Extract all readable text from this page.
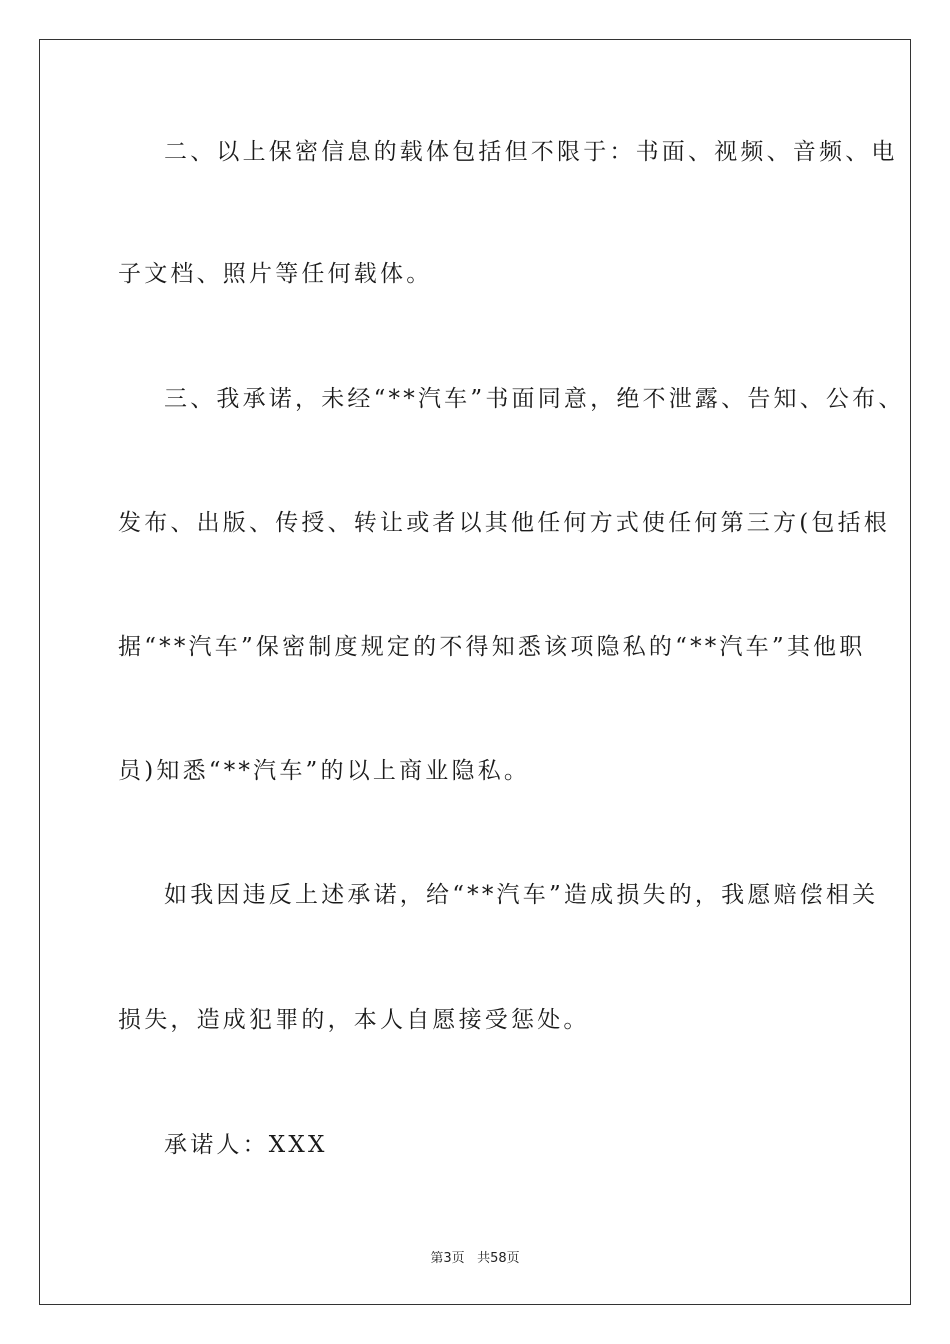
二、以上保密信息的载体包括但不限于：书面、视频、音频、电
子文档、照片等任何载体。
三、我承诺，未经“**汽车”书面同意，绝不泄露、告知、公布、
发布、出版、传授、转让或者以其他任何方式使任何第三方(包括根
据“**汽车”保密制度规定的不得知悉该项隐私的“**汽车”其他职
员)知悉“**汽车”的以上商业隐私。
如我因违反上述承诺，给“**汽车”造成损失的，我愿赔偿相关
损失，造成犯罪的，本人自愿接受惩处。
承诺人：XXX
第3页 共58页
